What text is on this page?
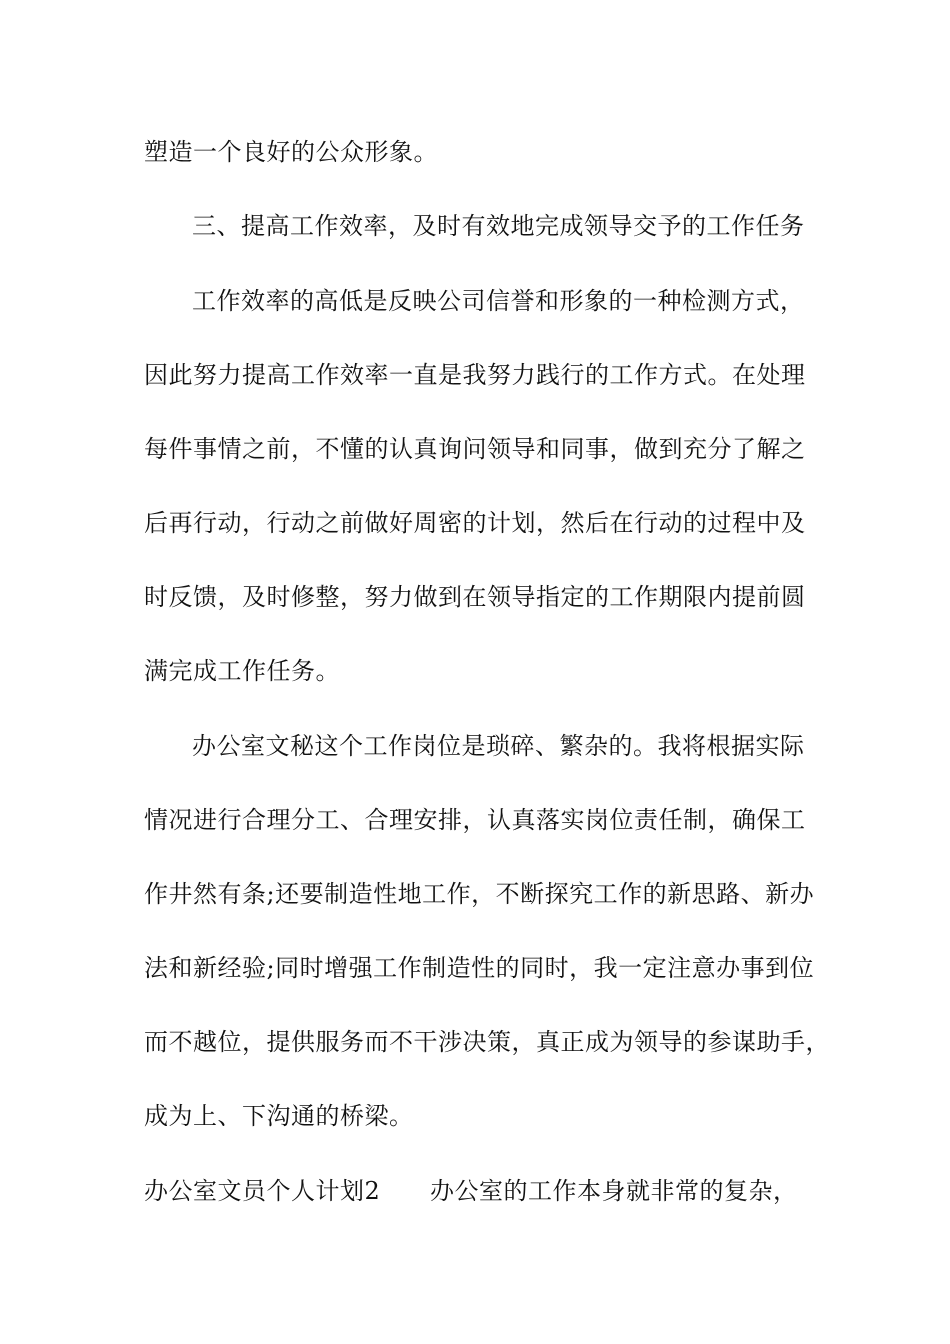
塑造一个良好的公众形象。
三、提高工作效率，及时有效地完成领导交予的工作任务
工作效率的高低是反映公司信誉和形象的一种检测方式，
因此努力提高工作效率一直是我努力践行的工作方式。在处理
每件事情之前，不懂的认真询问领导和同事，做到充分了解之
后再行动，行动之前做好周密的计划，然后在行动的过程中及
时反馈，及时修整，努力做到在领导指定的工作期限内提前圆
满完成工作任务。
办公室文秘这个工作岗位是琐碎、繁杂的。我将根据实际
情况进行合理分工、合理安排，认真落实岗位责任制，确保工
作井然有条;还要制造性地工作，不断探究工作的新思路、新办
法和新经验;同时增强工作制造性的同时，我一定注意办事到位
而不越位，提供服务而不干涉决策，真正成为领导的参谋助手，
成为上、下沟通的桥梁。
办公室文员个人计划2 办公室的工作本身就非常的复杂，
